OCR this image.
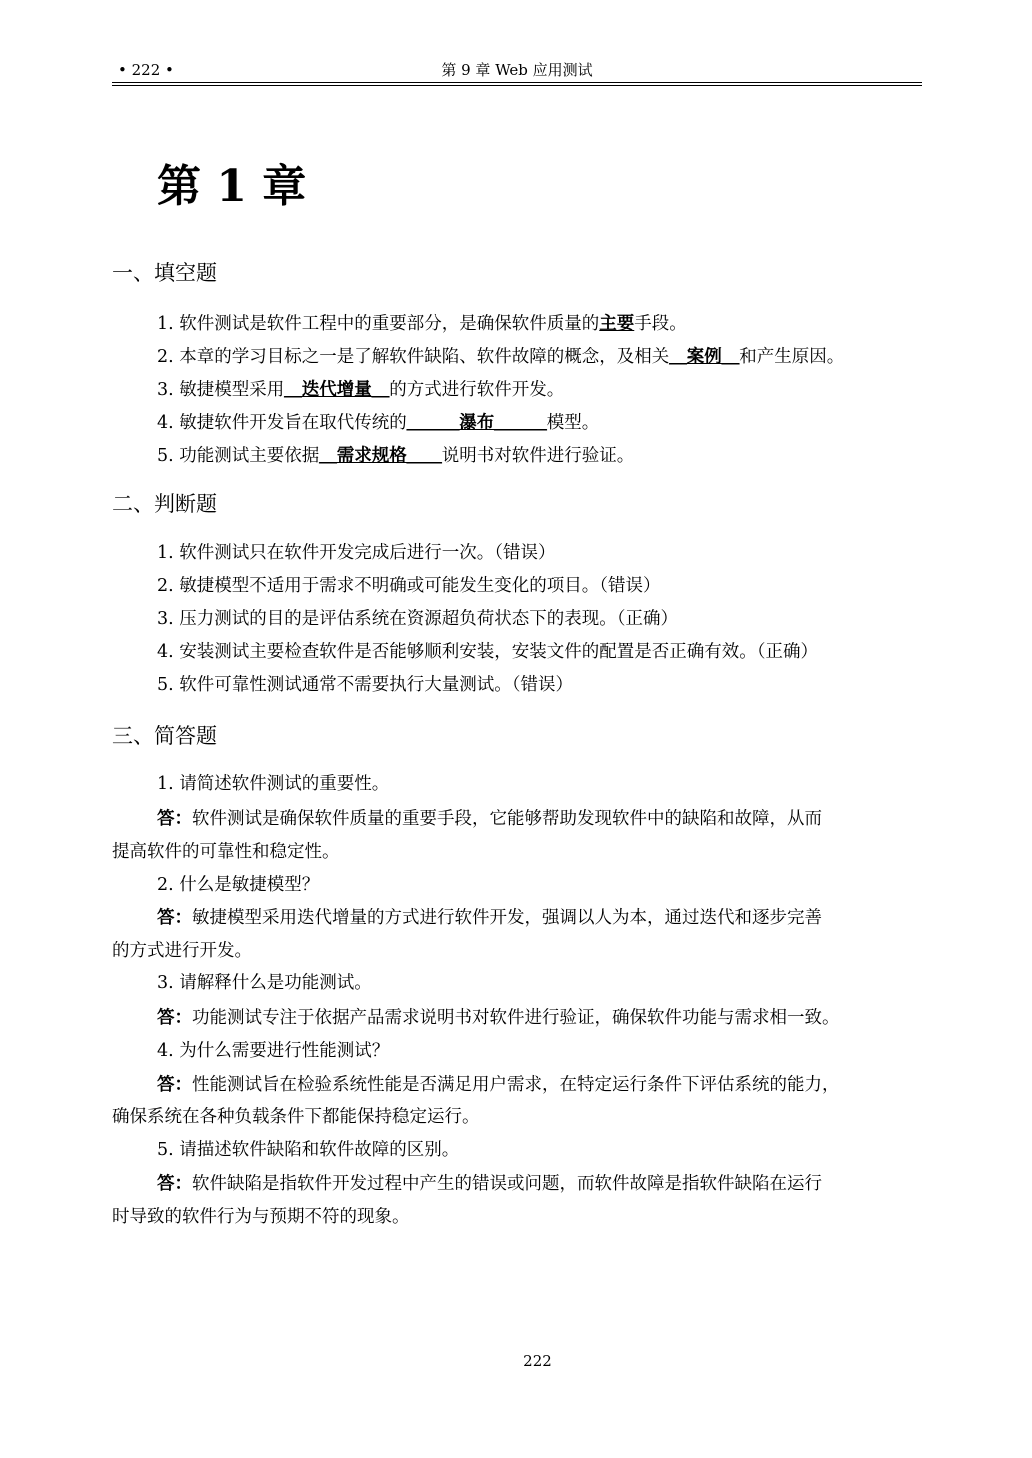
• 222 •	第 9 章 Web 应用测试
第 1 章
一、填空题
1. 软件测试是软件工程中的重要部分，是确保软件质量的主要手段。
2. 本章的学习目标之一是了解软件缺陷、软件故障的概念，及相关＿案例＿和产生原因。
3. 敏捷模型采用＿迭代增量＿的方式进行软件开发。
4. 敏捷软件开发旨在取代传统的＿＿＿瀑布＿＿＿模型。
5. 功能测试主要依据＿需求规格＿＿说明书对软件进行验证。
二、判断题
1. 软件测试只在软件开发完成后进行一次。（错误）
2. 敏捷模型不适用于需求不明确或可能发生变化的项目。（错误）
3. 压力测试的目的是评估系统在资源超负荷状态下的表现。（正确）
4. 安装测试主要检查软件是否能够顺利安装，安装文件的配置是否正确有效。（正确）
5. 软件可靠性测试通常不需要执行大量测试。（错误）
三、简答题
1. 请简述软件测试的重要性。
答：软件测试是确保软件质量的重要手段，它能够帮助发现软件中的缺陷和故障，从而
提高软件的可靠性和稳定性。
2. 什么是敏捷模型？
答：敏捷模型采用迭代增量的方式进行软件开发，强调以人为本，通过迭代和逐步完善
的方式进行开发。
3. 请解释什么是功能测试。
答：功能测试专注于依据产品需求说明书对软件进行验证，确保软件功能与需求相一致。
4. 为什么需要进行性能测试？
答：性能测试旨在检验系统性能是否满足用户需求，在特定运行条件下评估系统的能力，
确保系统在各种负载条件下都能保持稳定运行。
5. 请描述软件缺陷和软件故障的区别。
答：软件缺陷是指软件开发过程中产生的错误或问题，而软件故障是指软件缺陷在运行
时导致的软件行为与预期不符的现象。
222
